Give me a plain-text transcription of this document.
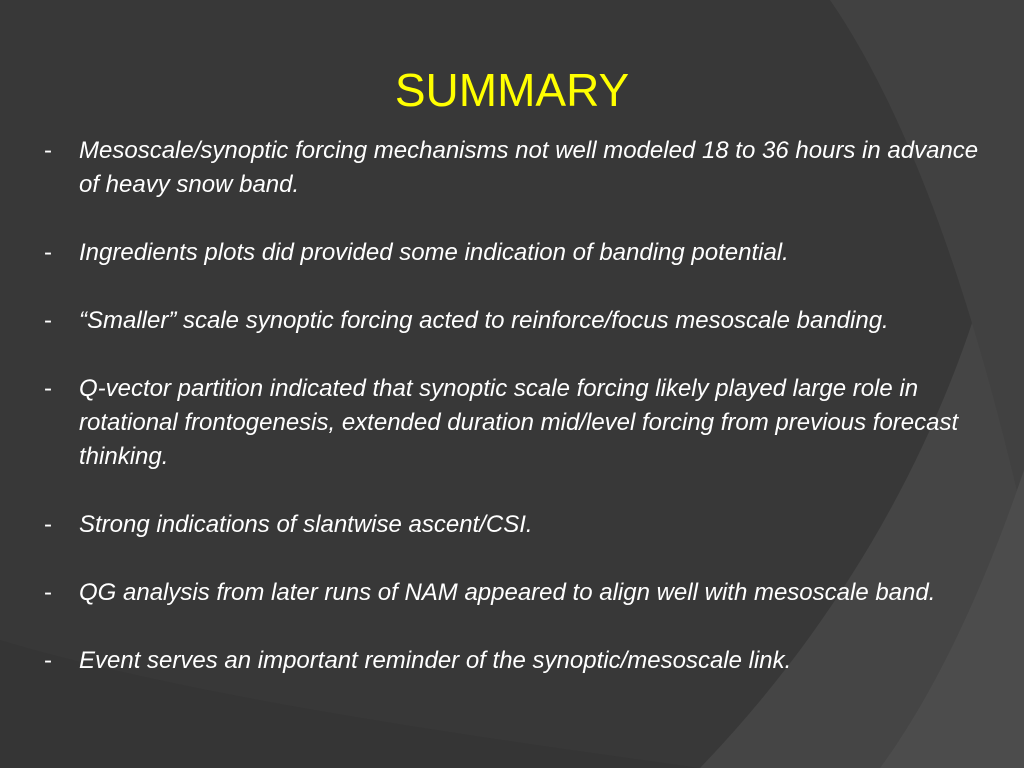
SUMMARY
-	Mesoscale/synoptic forcing mechanisms not well modeled 18 to 36 hours in advance of heavy snow band.
-	Ingredients plots did provided some indication of banding potential.
-	“Smaller” scale synoptic forcing acted to reinforce/focus mesoscale banding.
-	Q-vector partition indicated that synoptic scale forcing likely played large role in rotational frontogenesis, extended duration mid/level forcing from previous forecast thinking.
-	Strong indications of slantwise ascent/CSI.
-	QG analysis from later runs of NAM appeared to align well with mesoscale band.
-	Event serves an important reminder of the synoptic/mesoscale link.
